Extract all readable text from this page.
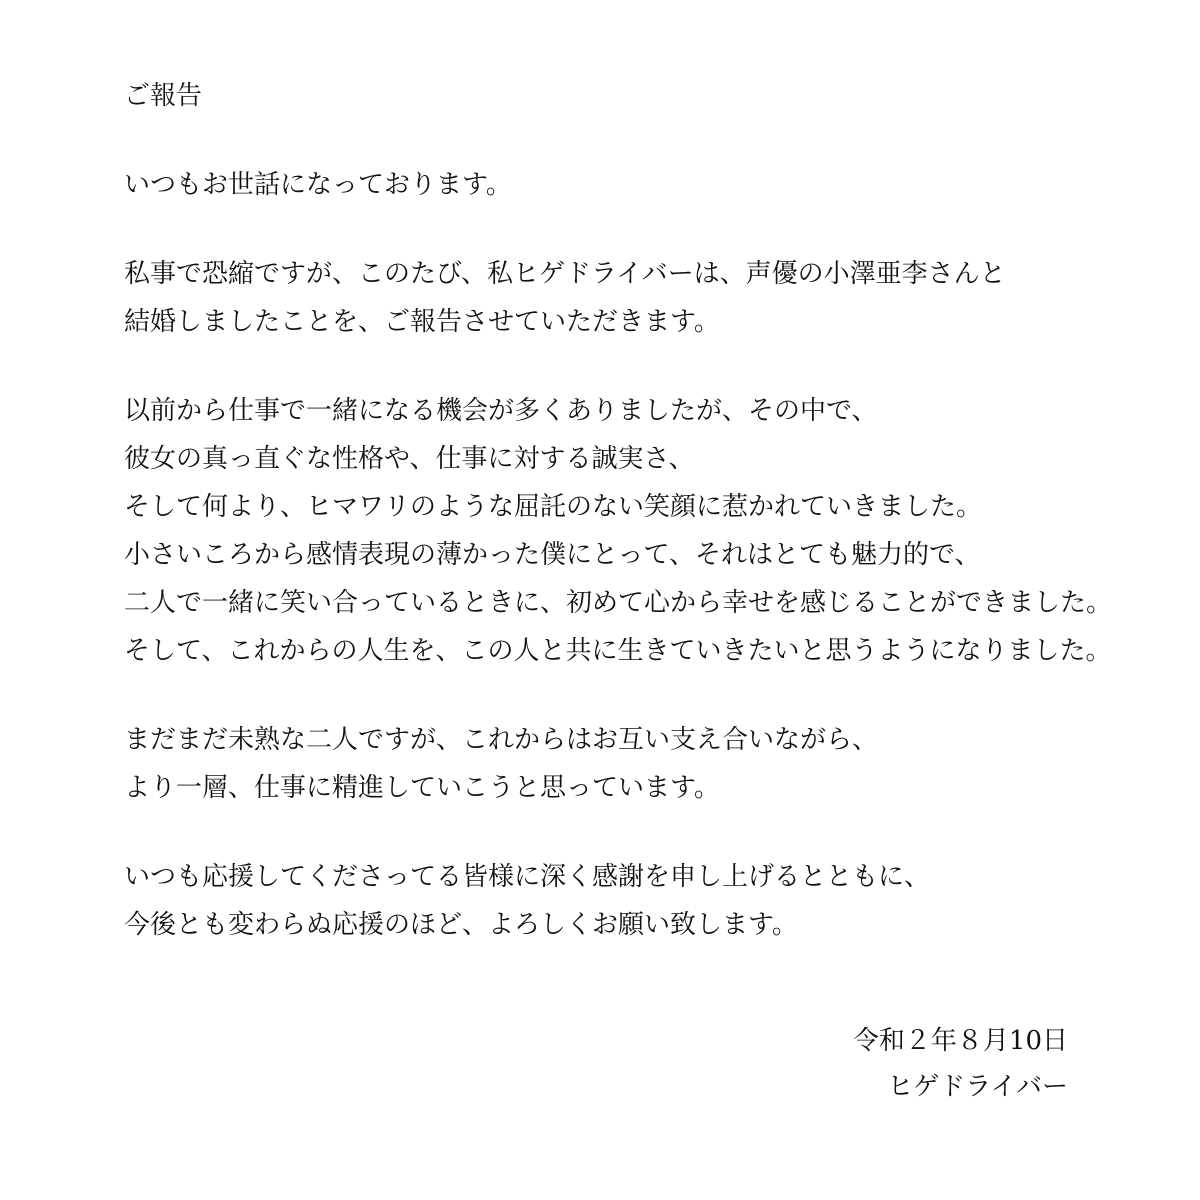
ご報告

いつもお世話になっております。

私事で恐縮ですが、このたび、私ヒゲドライバーは、声優の小澤亜李さんと
結婚しましたことを、ご報告させていただきます。

以前から仕事で一緒になる機会が多くありましたが、その中で、
彼女の真っ直ぐな性格や、仕事に対する誠実さ、
そして何より、ヒマワリのような屈託のない笑顔に惹かれていきました。
小さいころから感情表現の薄かった僕にとって、それはとても魅力的で、
二人で一緒に笑い合っているときに、初めて心から幸せを感じることができました。
そして、これからの人生を、この人と共に生きていきたいと思うようになりました。

まだまだ未熟な二人ですが、これからはお互い支え合いながら、
より一層、仕事に精進していこうと思っています。

いつも応援してくださってる皆様に深く感謝を申し上げるとともに、
今後とも変わらぬ応援のほど、よろしくお願い致します。

令和２年８月10日
ヒゲドライバー
